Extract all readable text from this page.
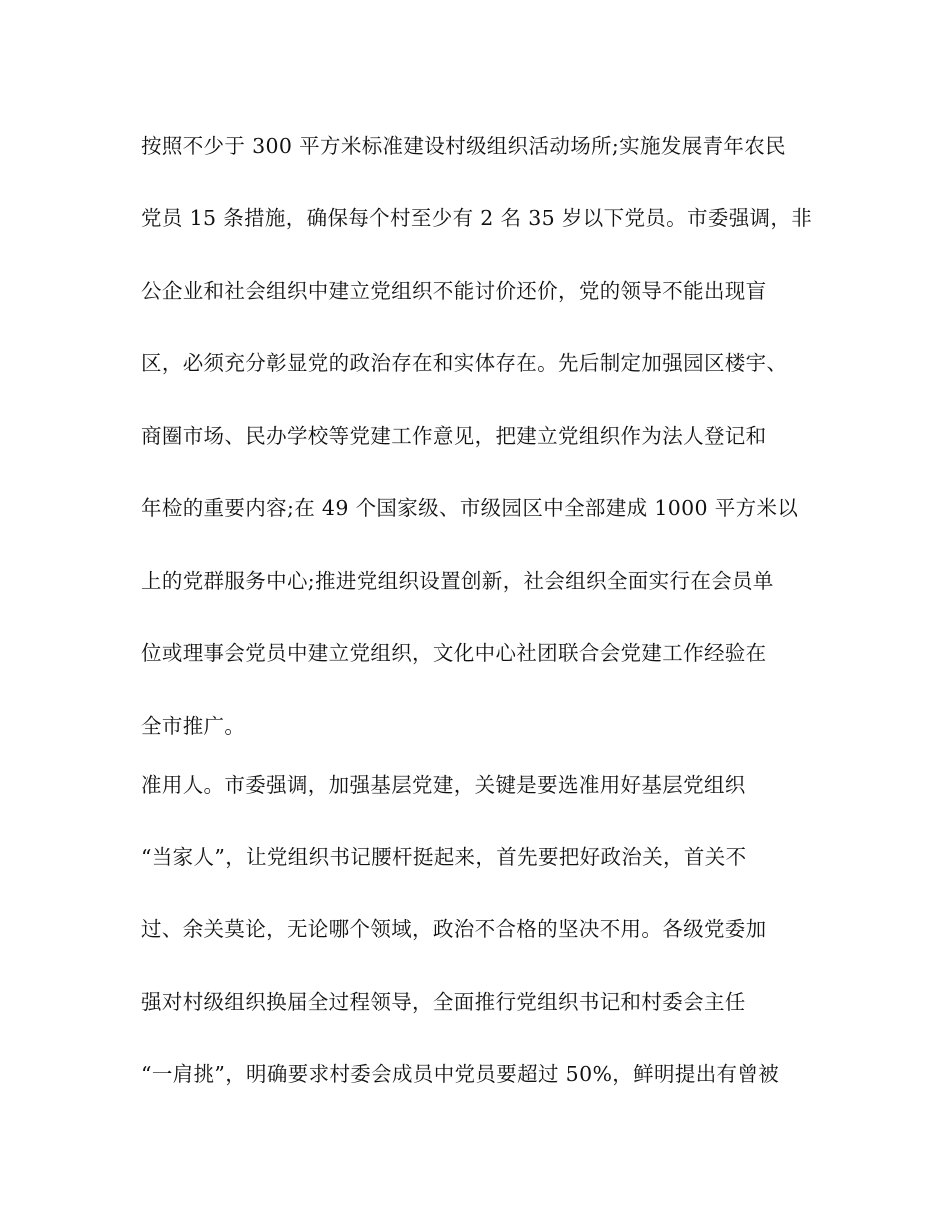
按照不少于 300 平方米标准建设村级组织活动场所;实施发展青年农民
党员 15 条措施，确保每个村至少有 2 名 35 岁以下党员。市委强调，非
公企业和社会组织中建立党组织不能讨价还价，党的领导不能出现盲
区，必须充分彰显党的政治存在和实体存在。先后制定加强园区楼宇、
商圈市场、民办学校等党建工作意见，把建立党组织作为法人登记和
年检的重要内容;在 49 个国家级、市级园区中全部建成 1000 平方米以
上的党群服务中心;推进党组织设置创新，社会组织全面实行在会员单
位或理事会党员中建立党组织，文化中心社团联合会党建工作经验在
全市推广。
准用人。市委强调，加强基层党建，关键是要选准用好基层党组织
“当家人”，让党组织书记腰杆挺起来，首先要把好政治关，首关不
过、余关莫论，无论哪个领域，政治不合格的坚决不用。各级党委加
强对村级组织换届全过程领导，全面推行党组织书记和村委会主任
“一肩挑”，明确要求村委会成员中党员要超过 50%，鲜明提出有曾被
